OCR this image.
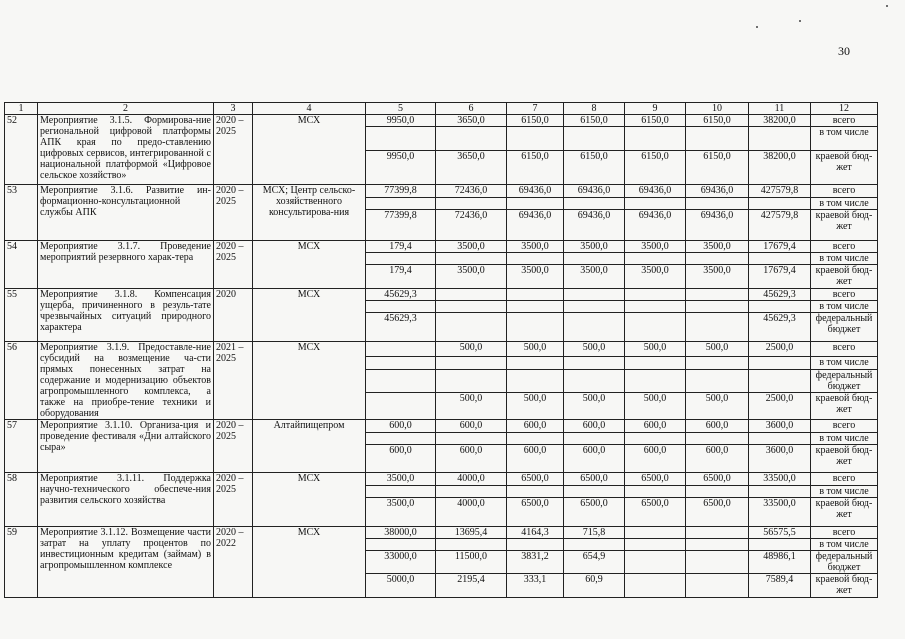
30
1	2	3	4	5	6	7	8	9	10	11	12
52	Мероприятие 3.1.5. Формирова-ние региональной цифровой платформы АПК края по предо-ставлению цифровых сервисов, интегрированной с национальной платформой «Цифровое сельское хозяйство»	2020 – 2025	МСХ	9950,0	3650,0	6150,0	6150,0	6150,0	6150,0	38200,0	всего
											в том числе
				9950,0	3650,0	6150,0	6150,0	6150,0	6150,0	38200,0	краевой бюд-жет
53	Мероприятие 3.1.6. Развитие ин-формационно-консультационной службы АПК	2020 – 2025	МСХ; Центр сельско-хозяйственного консультирова-ния	77399,8	72436,0	69436,0	69436,0	69436,0	69436,0	427579,8	всего
											в том числе
				77399,8	72436,0	69436,0	69436,0	69436,0	69436,0	427579,8	краевой бюд-жет
54	Мероприятие 3.1.7. Проведение мероприятий резервного харак-тера	2020 – 2025	МСХ	179,4	3500,0	3500,0	3500,0	3500,0	3500,0	17679,4	всего
											в том числе
				179,4	3500,0	3500,0	3500,0	3500,0	3500,0	17679,4	краевой бюд-жет
55	Мероприятие 3.1.8. Компенсация ущерба, причиненного в резуль-тате чрезвычайных ситуаций природного характера	2020	МСХ	45629,3						45629,3	всего
											в том числе
				45629,3						45629,3	федеральный бюджет
56	Мероприятие 3.1.9. Предоставле-ние субсидий на возмещение ча-сти прямых понесенных затрат на содержание и модернизацию объектов агропромышленного комплекса, а также на приобре-тение техники и оборудования	2021 – 2025	МСХ		500,0	500,0	500,0	500,0	500,0	2500,0	всего
											в том числе
											федеральный бюджет
					500,0	500,0	500,0	500,0	500,0	2500,0	краевой бюд-жет
57	Мероприятие 3.1.10. Организа-ция и проведение фестиваля «Дни алтайского сыра»	2020 – 2025	Алтайпищепром	600,0	600,0	600,0	600,0	600,0	600,0	3600,0	всего
											в том числе
				600,0	600,0	600,0	600,0	600,0	600,0	3600,0	краевой бюд-жет
58	Мероприятие 3.1.11. Поддержка научно-технического обеспече-ния развития сельского хозяйства	2020 – 2025	МСХ	3500,0	4000,0	6500,0	6500,0	6500,0	6500,0	33500,0	всего
											в том числе
				3500,0	4000,0	6500,0	6500,0	6500,0	6500,0	33500,0	краевой бюд-жет
59	Мероприятие 3.1.12. Возмещение части затрат на уплату процентов по инвестиционным кредитам (займам) в агропромышленном комплексе	2020 – 2022	МСХ	38000,0	13695,4	4164,3	715,8			56575,5	всего
											в том числе
				33000,0	11500,0	3831,2	654,9			48986,1	федеральный бюджет
				5000,0	2195,4	333,1	60,9			7589,4	краевой бюд-жет
